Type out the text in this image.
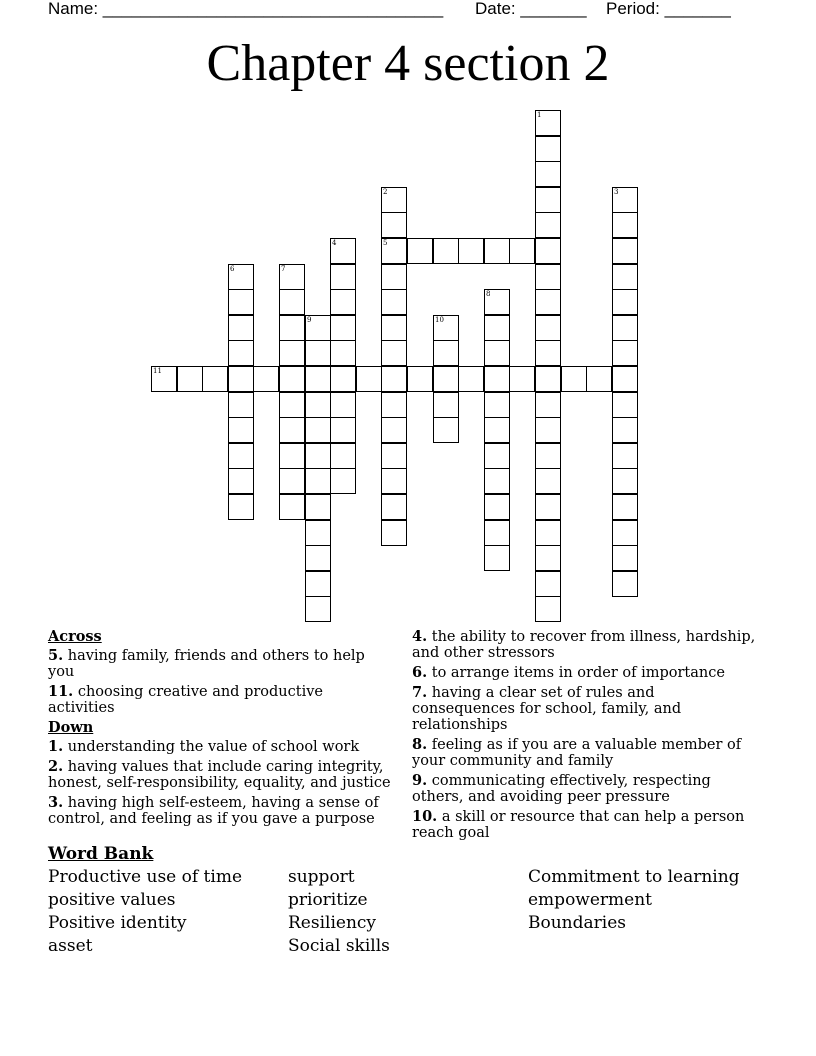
Name: ____________________________________ Date: _______ Period: _______
Chapter 4 section 2
1
2	3
4	5
6	7
8
9	10
11
Across
5. having family, friends and others to help you
11. choosing creative and productive activities
Down
1. understanding the value of school work
2. having values that include caring integrity, honest, self-responsibility, equality, and justice
3. having high self-esteem, having a sense of control, and feeling as if you gave a purpose
4. the ability to recover from illness, hardship, and other stressors
6. to arrange items in order of importance
7. having a clear set of rules and consequences for school, family, and relationships
8. feeling as if you are a valuable member of your community and family
9. communicating effectively, respecting others, and avoiding peer pressure
10. a skill or resource that can help a person reach goal
Word Bank
Productive use of time
positive values
Positive identity
asset
support
prioritize
Resiliency
Social skills
Commitment to learning
empowerment
Boundaries
